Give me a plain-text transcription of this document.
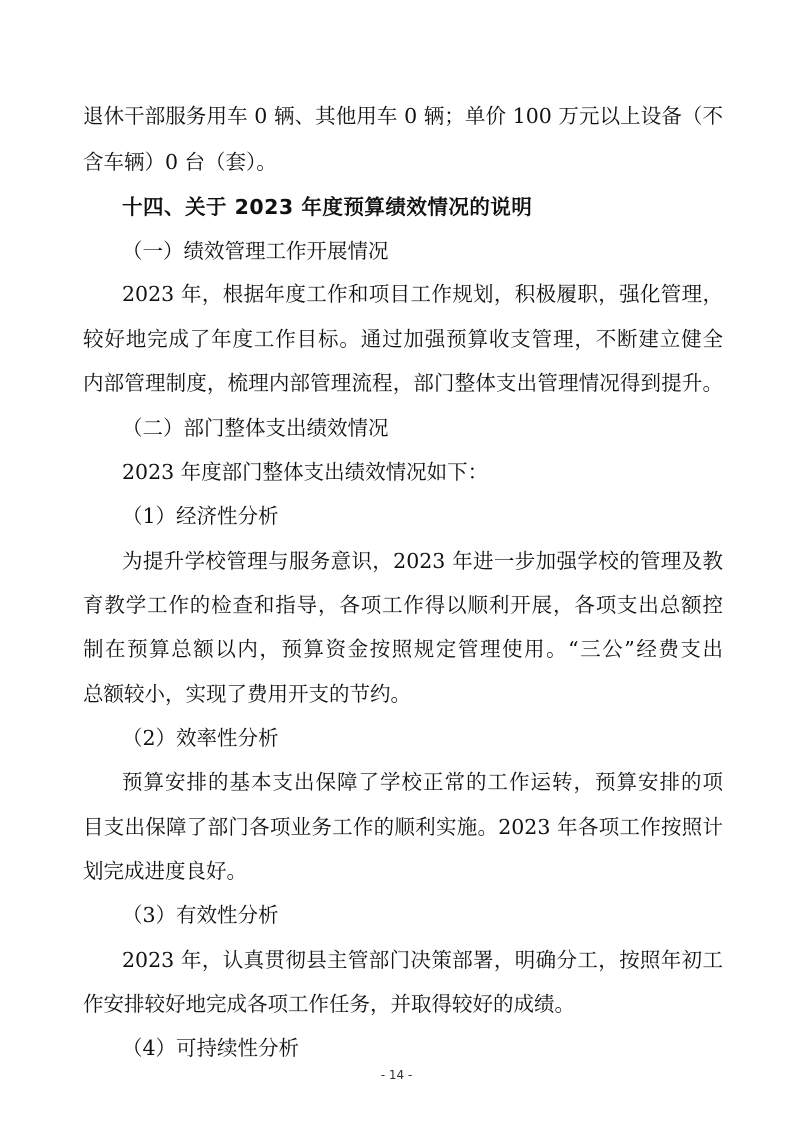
退休干部服务用车 0 辆、其他用车 0 辆；单价 100 万元以上设备（不
含车辆）0 台（套）。
十四、关于 2023 年度预算绩效情况的说明
（一）绩效管理工作开展情况
2023 年，根据年度工作和项目工作规划，积极履职，强化管理，
较好地完成了年度工作目标。通过加强预算收支管理，不断建立健全
内部管理制度，梳理内部管理流程，部门整体支出管理情况得到提升。
（二）部门整体支出绩效情况
2023 年度部门整体支出绩效情况如下：
（1）经济性分析
为提升学校管理与服务意识，2023 年进一步加强学校的管理及教
育教学工作的检查和指导，各项工作得以顺利开展，各项支出总额控
制在预算总额以内，预算资金按照规定管理使用。“三公”经费支出
总额较小，实现了费用开支的节约。
（2）效率性分析
预算安排的基本支出保障了学校正常的工作运转，预算安排的项
目支出保障了部门各项业务工作的顺利实施。2023 年各项工作按照计
划完成进度良好。
（3）有效性分析
2023 年，认真贯彻县主管部门决策部署，明确分工，按照年初工
作安排较好地完成各项工作任务，并取得较好的成绩。
（4）可持续性分析
- 14 -
